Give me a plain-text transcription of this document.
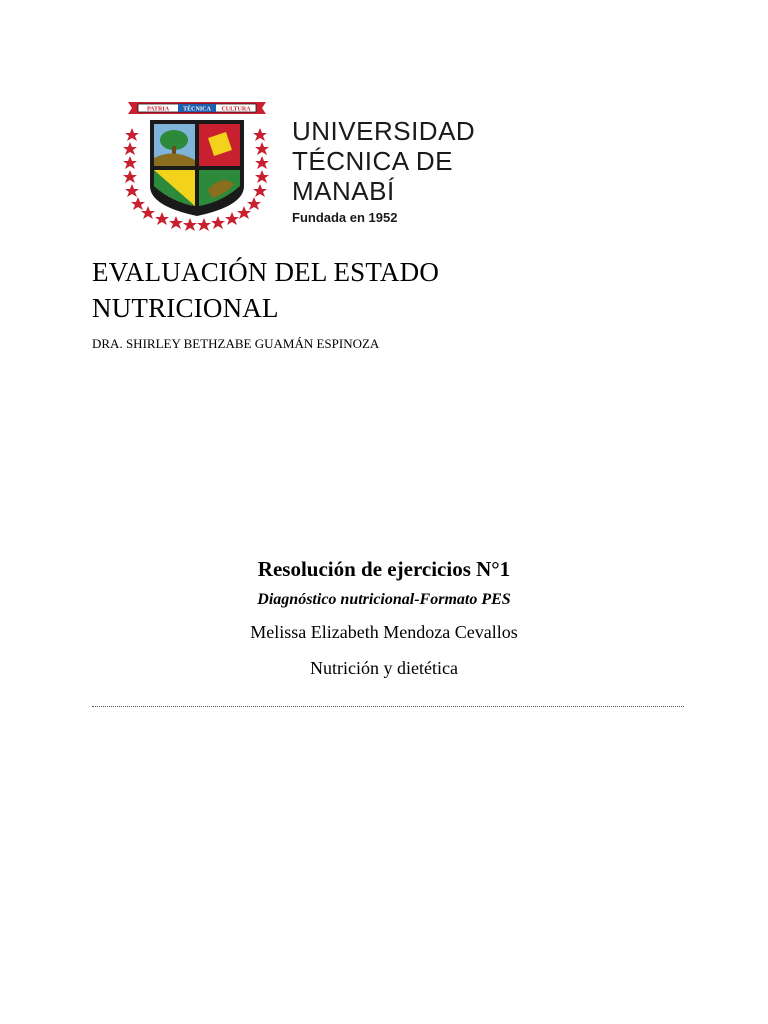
PATRIA TÉCNICA CULTURA
UNIVERSIDAD
TÉCNICA DE
MANABÍ
Fundada en 1952
EVALUACIÓN DEL ESTADO
NUTRICIONAL
DRA. SHIRLEY BETHZABE GUAMÁN ESPINOZA

Resolución de ejercicios N°1

Diagnóstico nutricional-Formato PES
Melissa Elizabeth Mendoza Cevallos
Nutrición y dietética
